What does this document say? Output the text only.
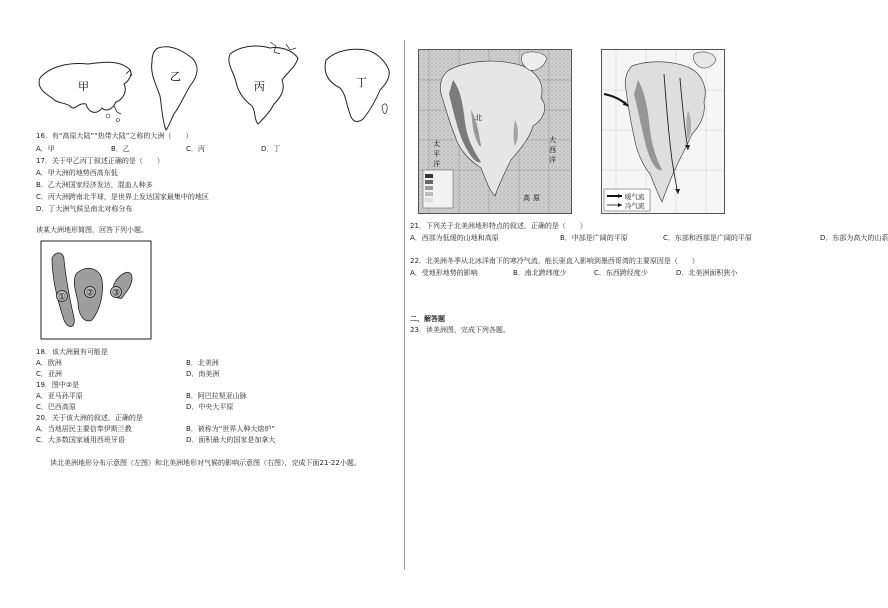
甲
乙
丙	丁
16．有“高原大陆”“热带大陆”之称的大洲（　　）
A．甲	B．乙	C．丙	D．丁
17．关于甲乙丙丁叙述正确的是（　　）
A．甲大洲的地势西高东低
B．乙大洲国家经济发达，混血人种多
C．丙大洲跨南北半球，是世界上发达国家最集中的地区
D．丁大洲气候呈南北对称分布
读某大洲地形简图，回答下列小题。
① ② ③
18．该大洲最有可能是
A．欧洲	B．北美洲
C．亚洲	D．南美洲
19．图中②是
A．亚马孙平原	B．阿巴拉契亚山脉
C．巴西高原	D．中央大平原
20．关于该大洲的叙述，正确的是
A．当地居民主要信奉伊斯兰教	B．被称为“世界人种大熔炉”
C．大多数国家通用西班牙语	D．面积最大的国家是加拿大
读北美洲地形分布示意图（左图）和北美洲地形对气候的影响示意图（右图），完成下面21-22小题。
北
太
平
洋
大
西
洋
高 原	暖气流
冷气流
21．下列关于北美洲地形特点的叙述，正确的是（　　）
A．西部为低缓的山地和高原	B．中部是广阔的平原	C．东部和西部是广阔的平原	D．东部为高大的山系
22．北美洲冬季从北冰洋南下的寒冷气流，能长驱直入影响到墨西哥湾的主要原因是（　　）
A．受地形地势的影响	B．南北跨纬度少	C．东西跨经度少	D．北美洲面积狭小
二、解答题
23．读美洲图，完成下列各题。
